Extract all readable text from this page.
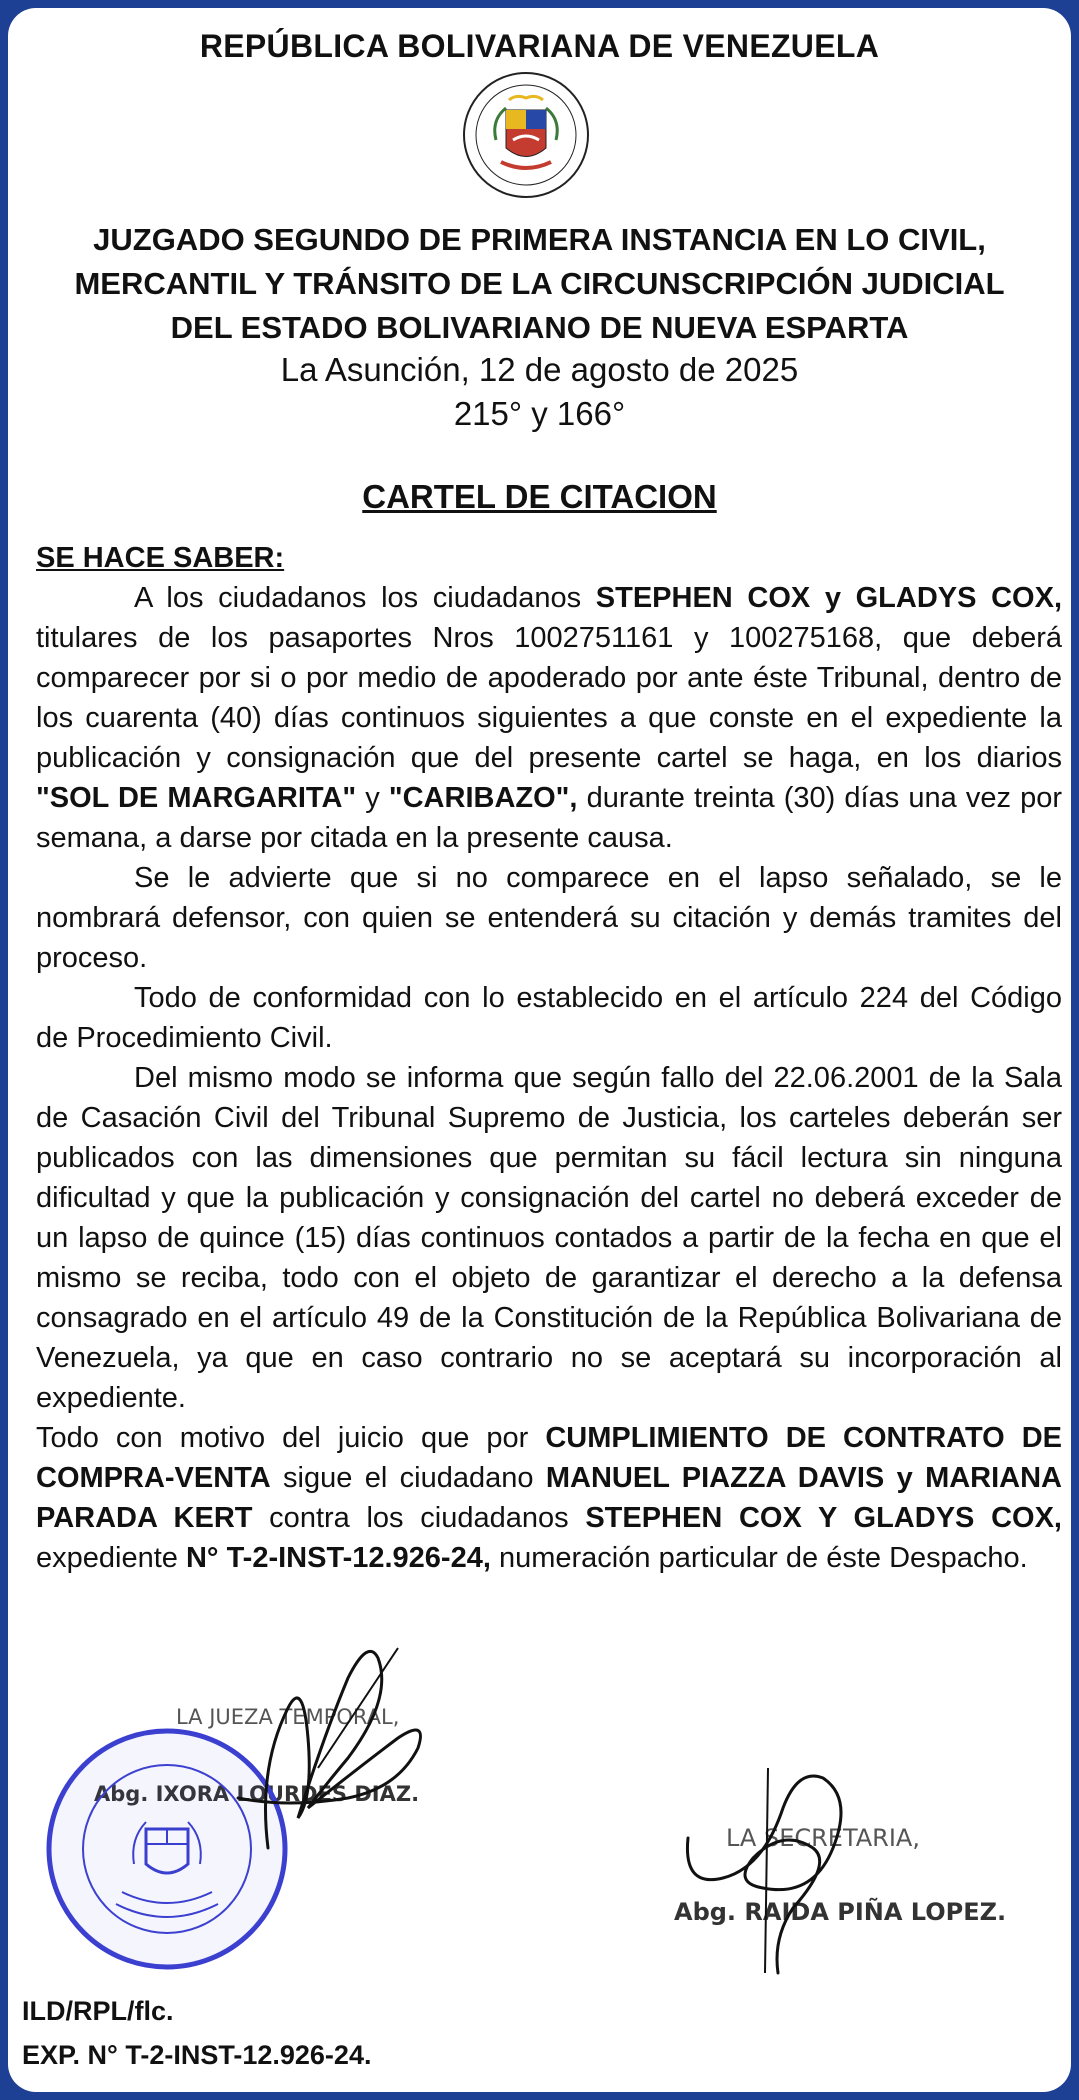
REPÚBLICA BOLIVARIANA DE VENEZUELA
JUZGADO SEGUNDO DE PRIMERA INSTANCIA EN LO CIVIL,
MERCANTIL Y TRÁNSITO DE LA CIRCUNSCRIPCIÓN JUDICIAL
DEL ESTADO BOLIVARIANO DE NUEVA ESPARTA
La Asunción, 12 de agosto de 2025
215° y 166°
CARTEL DE CITACION

SE HACE SABER:

A los ciudadanos los ciudadanos STEPHEN COX y GLADYS COX, titulares de los pasaportes Nros 1002751161 y 100275168, que deberá comparecer por si o por medio de apoderado por ante éste Tribunal, dentro de los cuarenta (40) días continuos siguientes a que conste en el expediente la publicación y consignación que del presente cartel se haga, en los diarios "SOL DE MARGARITA" y "CARIBAZO", durante treinta (30) días una vez por semana, a darse por citada en la presente causa.

Se le advierte que si no comparece en el lapso señalado, se le nombrará defensor, con quien se entenderá su citación y demás tramites del proceso.

Todo de conformidad con lo establecido en el artículo 224 del Código de Procedimiento Civil.

Del mismo modo se informa que según fallo del 22.06.2001 de la Sala de Casación Civil del Tribunal Supremo de Justicia, los carteles deberán ser publicados con las dimensiones que permitan su fácil lectura sin ninguna dificultad y que la publicación y consignación del cartel no deberá exceder de un lapso de quince (15) días continuos contados a partir de la fecha en que el mismo se reciba, todo con el objeto de garantizar el derecho a la defensa consagrado en el artículo 49 de la Constitución de la República Bolivariana de Venezuela, ya que en caso contrario no se aceptará su incorporación al expediente.

Todo con motivo del juicio que por CUMPLIMIENTO DE CONTRATO DE COMPRA-VENTA sigue el ciudadano MANUEL PIAZZA DAVIS y MARIANA PARADA KERT contra los ciudadanos STEPHEN COX Y GLADYS COX, expediente N° T-2-INST-12.926-24, numeración particular de éste Despacho.

LA JUEZA TEMPORAL,
Abg. IXORA LOURDES DIAZ.
LA SECRETARIA,
Abg. RAIDA PIÑA LOPEZ.
ILD/RPL/flc.
EXP. N° T-2-INST-12.926-24.
